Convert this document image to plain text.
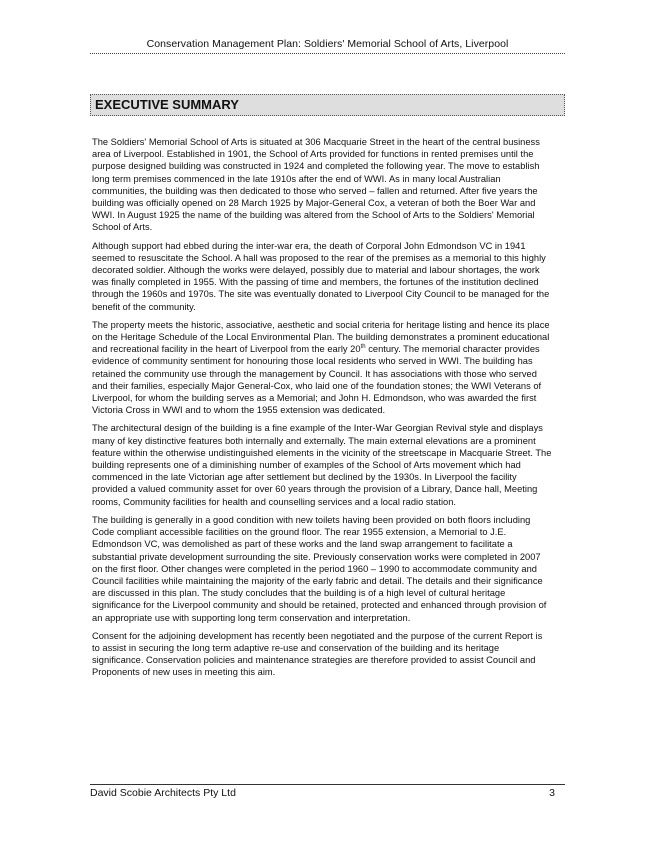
Conservation Management Plan: Soldiers' Memorial School of Arts, Liverpool
EXECUTIVE SUMMARY

The Soldiers' Memorial School of Arts is situated at 306 Macquarie Street in the heart of the central business area of Liverpool. Established in 1901, the School of Arts provided for functions in rented premises until the purpose designed building was constructed in 1924 and completed the following year. The move to establish long term premises commenced in the late 1910s after the end of WWI. As in many local Australian communities, the building was then dedicated to those who served – fallen and returned. After five years the building was officially opened on 28 March 1925 by Major-General Cox, a veteran of both the Boer War and WWI. In August 1925 the name of the building was altered from the School of Arts to the Soldiers' Memorial School of Arts.

Although support had ebbed during the inter-war era, the death of Corporal John Edmondson VC in 1941 seemed to resuscitate the School. A hall was proposed to the rear of the premises as a memorial to this highly decorated soldier. Although the works were delayed, possibly due to material and labour shortages, the work was finally completed in 1955. With the passing of time and members, the fortunes of the institution declined through the 1960s and 1970s. The site was eventually donated to Liverpool City Council to be managed for the benefit of the community.

The property meets the historic, associative, aesthetic and social criteria for heritage listing and hence its place on the Heritage Schedule of the Local Environmental Plan. The building demonstrates a prominent educational and recreational facility in the heart of Liverpool from the early 20th century. The memorial character provides evidence of community sentiment for honouring those local residents who served in WWI. The building has retained the community use through the management by Council. It has associations with those who served and their families, especially Major General-Cox, who laid one of the foundation stones; the WWI Veterans of Liverpool, for whom the building serves as a Memorial; and John H. Edmondson, who was awarded the first Victoria Cross in WWI and to whom the 1955 extension was dedicated.

The architectural design of the building is a fine example of the Inter-War Georgian Revival style and displays many of key distinctive features both internally and externally. The main external elevations are a prominent feature within the otherwise undistinguished elements in the vicinity of the streetscape in Macquarie Street. The building represents one of a diminishing number of examples of the School of Arts movement which had commenced in the late Victorian age after settlement but declined by the 1930s. In Liverpool the facility provided a valued community asset for over 60 years through the provision of a Library, Dance hall, Meeting rooms, Community facilities for health and counselling services and a local radio station.

The building is generally in a good condition with new toilets having been provided on both floors including Code compliant accessible facilities on the ground floor. The rear 1955 extension, a Memorial to J.E. Edmondson VC, was demolished as part of these works and the land swap arrangement to facilitate a substantial private development surrounding the site. Previously conservation works were completed in 2007 on the first floor. Other changes were completed in the period 1960 – 1990 to accommodate community and Council facilities while maintaining the majority of the early fabric and detail. The details and their significance are discussed in this plan. The study concludes that the building is of a high level of cultural heritage significance for the Liverpool community and should be retained, protected and enhanced through provision of an appropriate use with supporting long term conservation and interpretation.

Consent for the adjoining development has recently been negotiated and the purpose of the current Report is to assist in securing the long term adaptive re-use and conservation of the building and its heritage significance. Conservation policies and maintenance strategies are therefore provided to assist Council and Proponents of new uses in meeting this aim.

David Scobie Architects Pty Ltd	3
